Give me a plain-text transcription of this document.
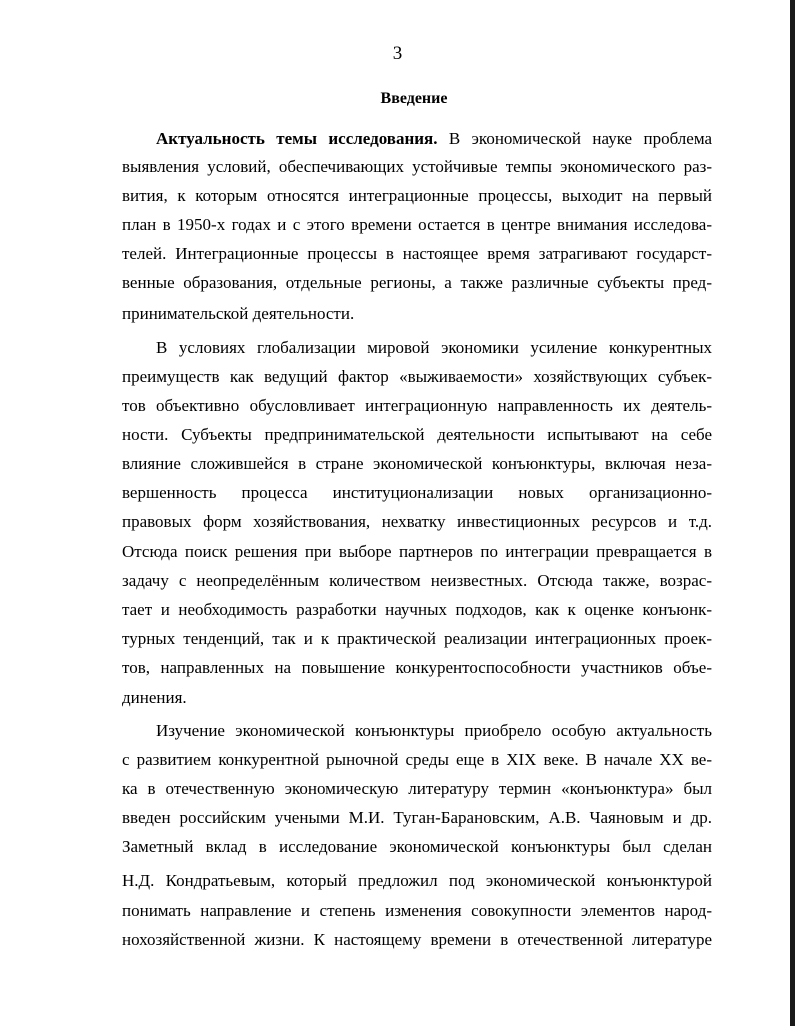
3
Введение
Актуальность темы исследования. В экономической науке проблема
выявления условий, обеспечивающих устойчивые темпы экономического раз-
вития, к которым относятся интеграционные процессы, выходит на первый
план в 1950-х годах и с этого времени остается в центре внимания исследова-
телей. Интеграционные процессы в настоящее время затрагивают государст-
венные образования, отдельные регионы, а также различные субъекты пред-
принимательской деятельности.
В условиях глобализации мировой экономики усиление конкурентных
преимуществ как ведущий фактор «выживаемости» хозяйствующих субъек-
тов объективно обусловливает интеграционную направленность их деятель-
ности. Субъекты предпринимательской деятельности испытывают на себе
влияние сложившейся в стране экономической конъюнктуры, включая неза-
вершенность процесса институционализации новых организационно-
правовых форм хозяйствования, нехватку инвестиционных ресурсов и т.д.
Отсюда поиск решения при выборе партнеров по интеграции превращается в
задачу с неопределённым количеством неизвестных. Отсюда также, возрас-
тает и необходимость разработки научных подходов, как к оценке конъюнк-
турных тенденций, так и к практической реализации интеграционных проек-
тов, направленных на повышение конкурентоспособности участников объе-
динения.
Изучение экономической конъюнктуры приобрело особую актуальность
с развитием конкурентной рыночной среды еще в XIX веке. В начале XX ве-
ка в отечественную экономическую литературу термин «конъюнктура» был
введен российским учеными М.И. Туган-Барановским, А.В. Чаяновым и др.
Заметный вклад в исследование экономической конъюнктуры был сделан
Н.Д. Кондратьевым, который предложил под экономической конъюнктурой
понимать направление и степень изменения совокупности элементов народ-
нохозяйственной жизни. К настоящему времени в отечественной литературе
